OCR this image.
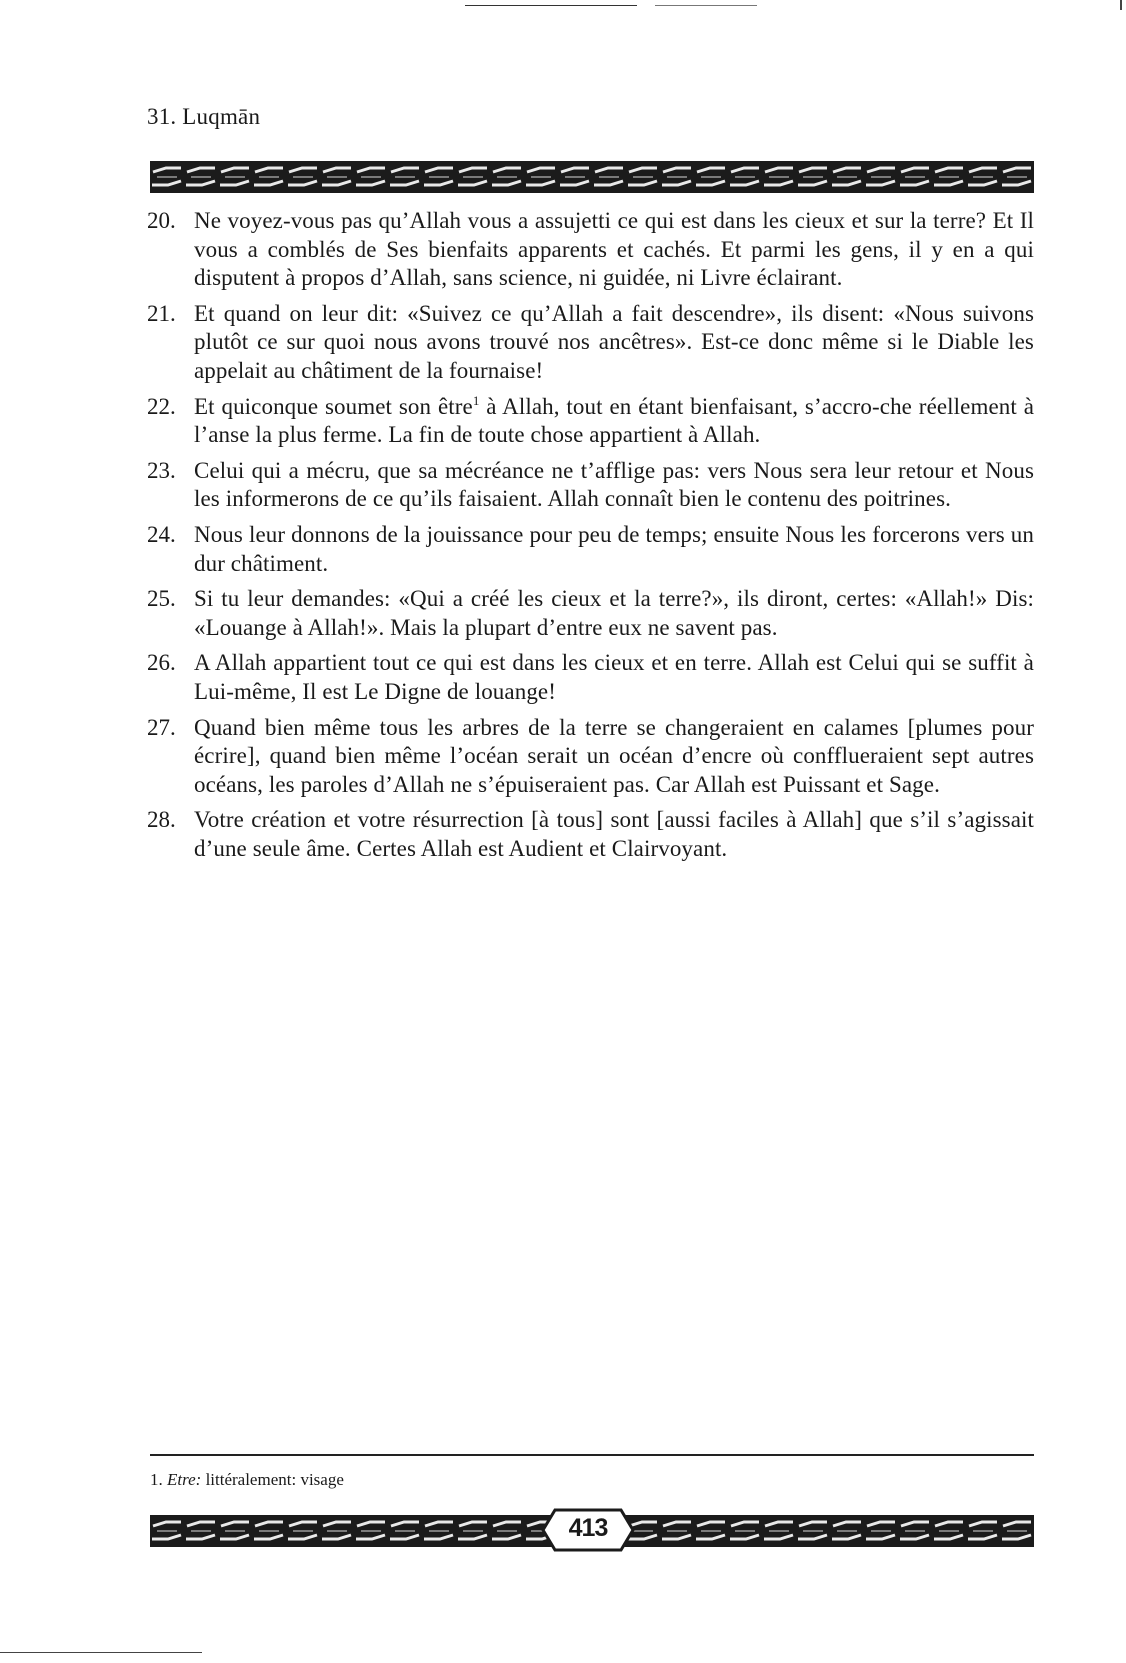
31. Luqmān
20. Ne voyez-vous pas qu’Allah vous a assujetti ce qui est dans les cieux et sur la terre? Et Il vous a comblés de Ses bienfaits apparents et cachés. Et parmi les gens, il y en a qui disputent à propos d’Allah, sans science, ni guidée, ni Livre éclairant.
21. Et quand on leur dit: «Suivez ce qu’Allah a fait descendre», ils disent: «Nous suivons plutôt ce sur quoi nous avons trouvé nos ancêtres». Est-ce donc même si le Diable les appelait au châtiment de la fournaise!
22. Et quiconque soumet son être$^1$ à Allah, tout en étant bienfaisant, s’accro-che réellement à l’anse la plus ferme. La fin de toute chose appartient à Allah.
23. Celui qui a mécru, que sa mécréance ne t’afflige pas: vers Nous sera leur retour et Nous les informerons de ce qu’ils faisaient. Allah connaît bien le contenu des poitrines.
24. Nous leur donnons de la jouissance pour peu de temps; ensuite Nous les forcerons vers un dur châtiment.
25. Si tu leur demandes: «Qui a créé les cieux et la terre?», ils diront, certes: «Allah!» Dis: «Louange à Allah!». Mais la plupart d’entre eux ne savent pas.
26. A Allah appartient tout ce qui est dans les cieux et en terre. Allah est Celui qui se suffit à Lui-même, Il est Le Digne de louange!
27. Quand bien même tous les arbres de la terre se changeraient en calames [plumes pour écrire], quand bien même l’océan serait un océan d’encre où confflueraient sept autres océans, les paroles d’Allah ne s’épuiseraient pas. Car Allah est Puissant et Sage.
28. Votre création et votre résurrection [à tous] sont [aussi faciles à Allah] que s’il s’agissait d’une seule âme. Certes Allah est Audient et Clairvoyant.
1. Etre: littéralement: visage
413
